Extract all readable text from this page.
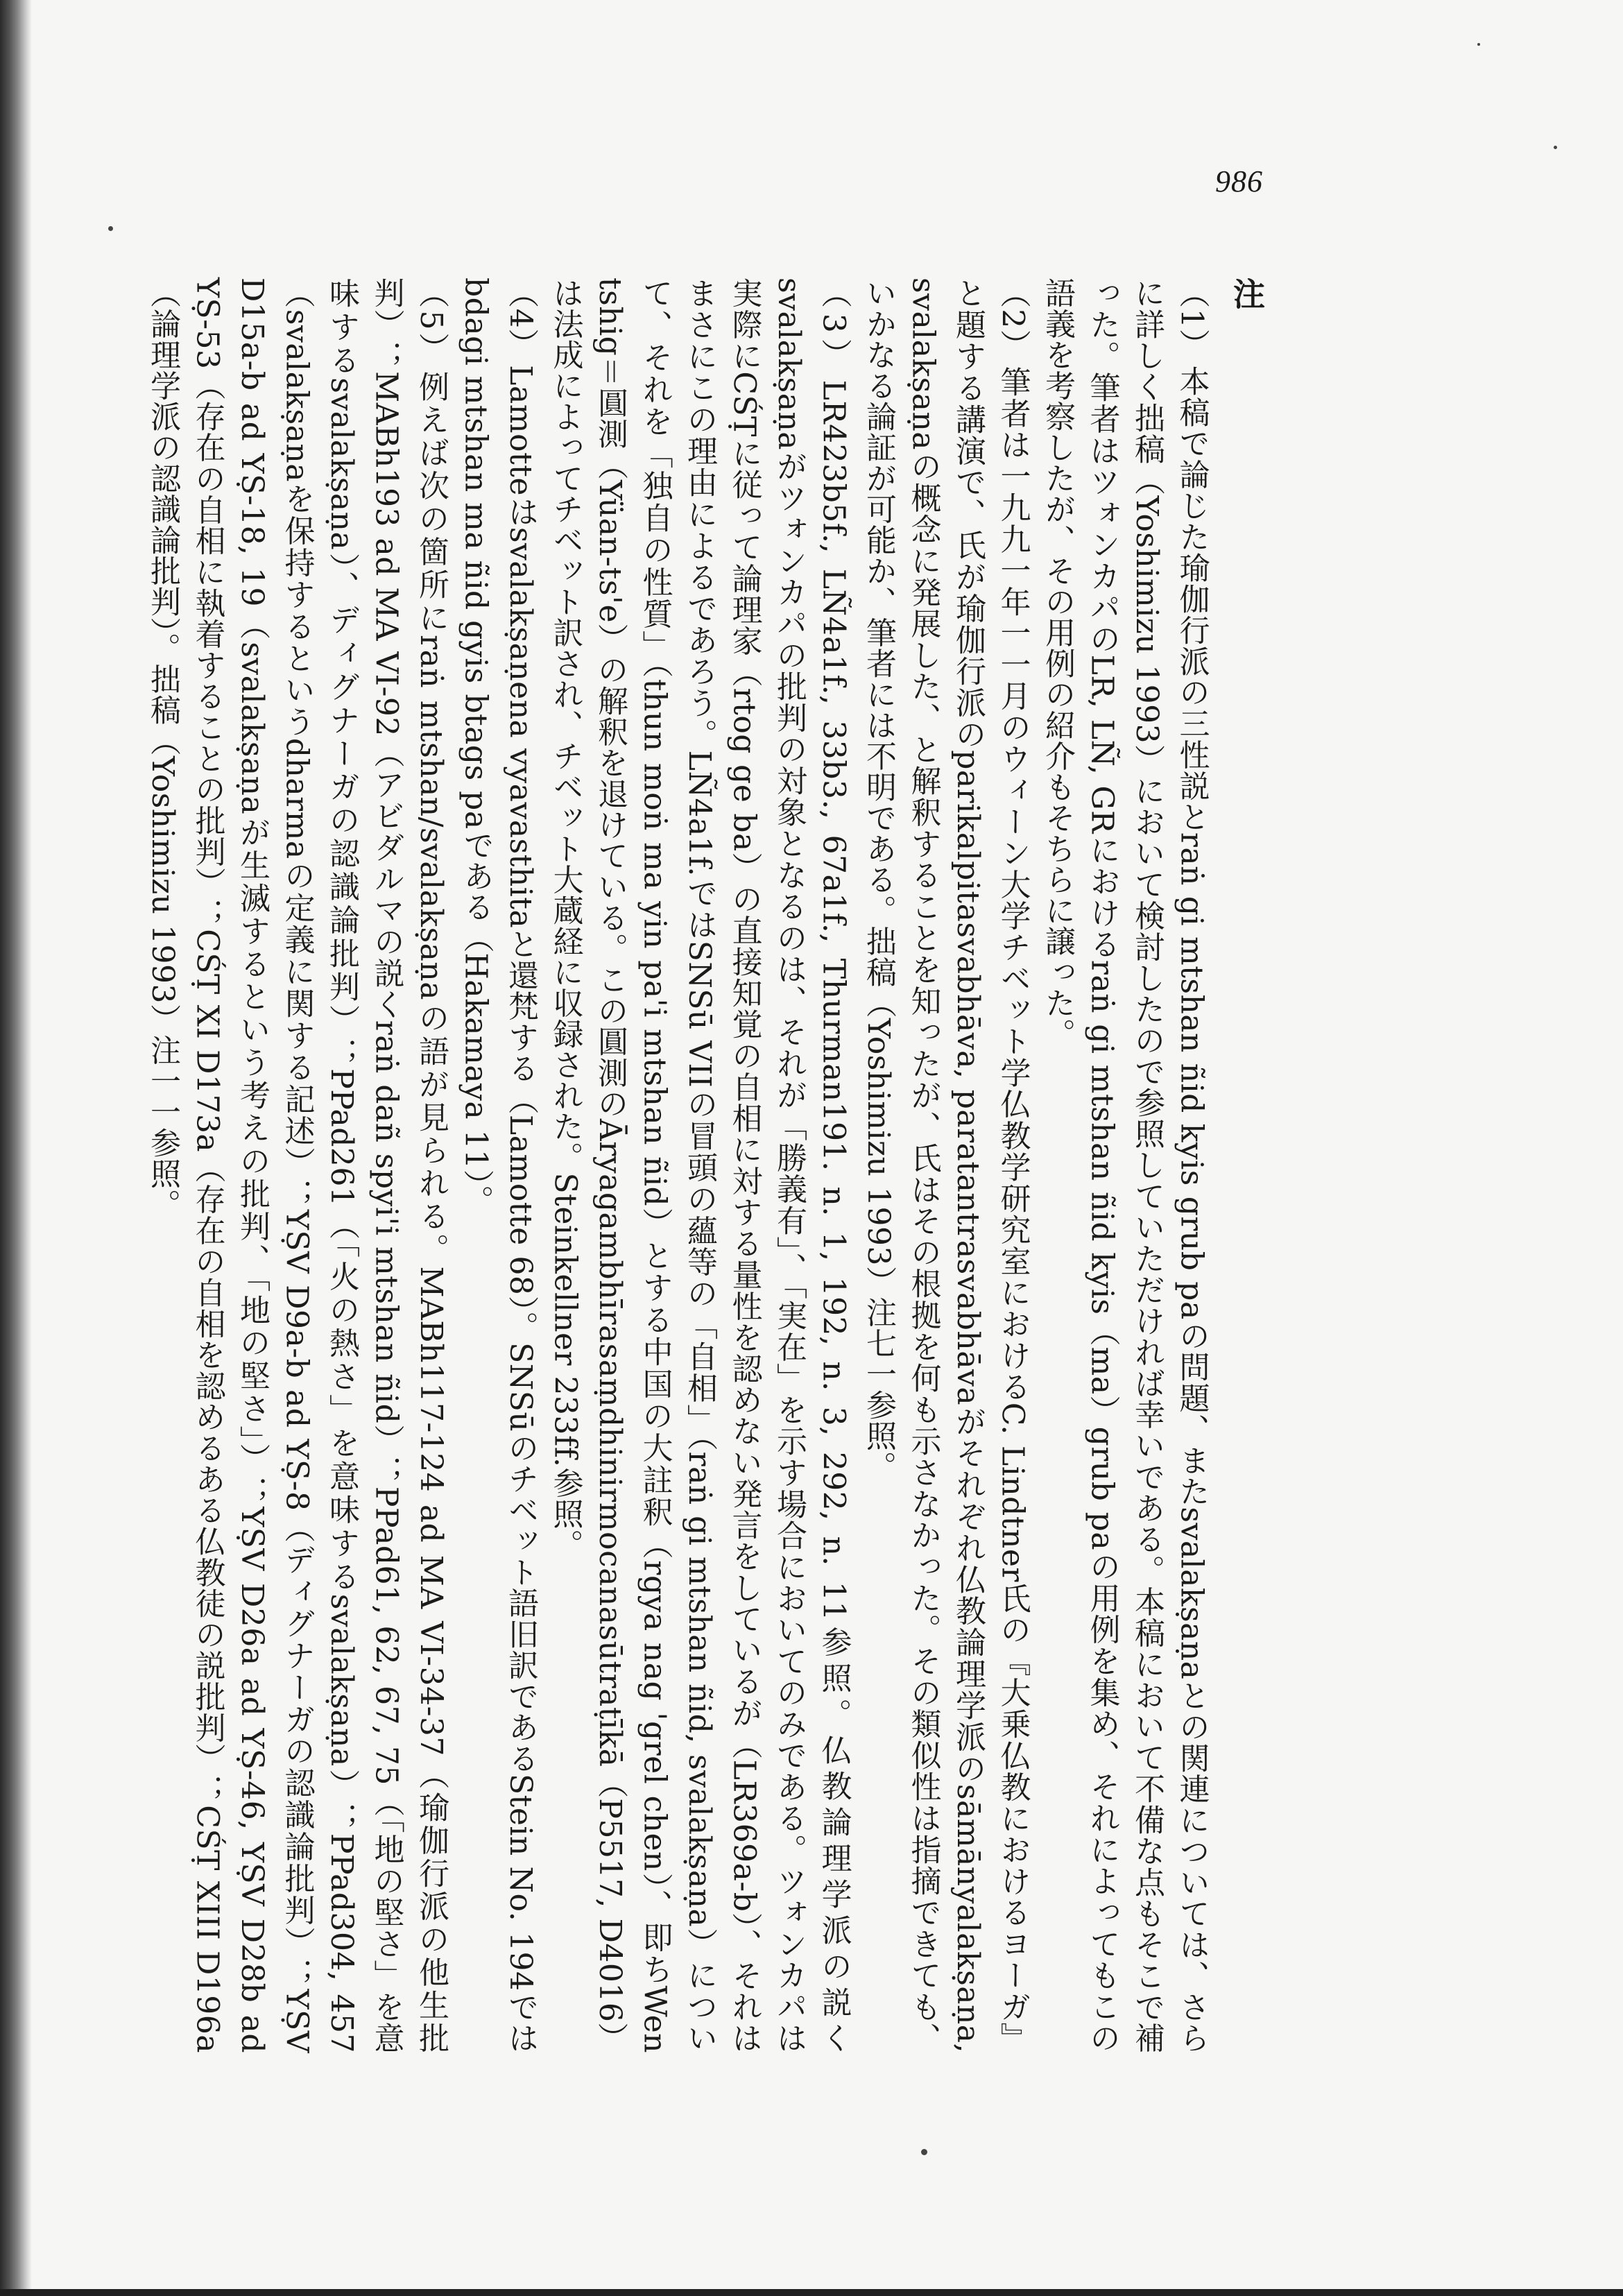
986
注

（1）本稿で論じた瑜伽行派の三性説とraṅ gi mtshan ñid kyis grub paの問題、またsvalakṣaṇaとの関連については、さらに詳しく拙稿（Yoshimizu 1993）において検討したので参照していただければ幸いである。本稿において不備な点もそこで補った。筆者はツォンカパのLR, LÑ, GRにおけるraṅ gi mtshan ñid kyis（ma）grub paの用例を集め、それによってもこの語義を考察したが、その用例の紹介もそちらに譲った。

（2）筆者は一九九一年一一月のウィーン大学チベット学仏教学研究室におけるC. Lindtner氏の『大乗仏教におけるヨーガ』と題する講演で、氏が瑜伽行派のparikalpitasvabhāva, paratantrasvabhāvaがそれぞれ仏教論理学派のsāmānyalakṣaṇa, svalakṣaṇaの概念に発展した、と解釈することを知ったが、氏はその根拠を何も示さなかった。その類似性は指摘できても、いかなる論証が可能か、筆者には不明である。拙稿（Yoshimizu 1993）注七一参照。

（3）LR423b5f., LÑ4a1f., 33b3., 67a1f., Thurman191. n. 1, 192, n. 3, 292, n. 11参照。仏教論理学派の説くsvalakṣaṇaがツォンカパの批判の対象となるのは、それが「勝義有」、「実在」を示す場合においてのみである。ツォンカパは実際にCŚṬに従って論理家（rtog ge ba）の直接知覚の自相に対する量性を認めない発言をしているが（LR369a-b）、それはまさにこの理由によるであろう。LÑ4a1f.ではSNSū VIIの冒頭の蘊等の「自相」（raṅ gi mtshan ñid, svalakṣaṇa）について、それを「独自の性質」（thun moṅ ma yin pa'i mtshan ñid）とする中国の大註釈（rgya nag 'grel chen）、即ちWen tshig＝圓測（Yüan-ts'e）の解釈を退けている。この圓測のĀryagambhīrasaṃdhinirmocanasūtraṭīkā（P5517, D4016）は法成によってチベット訳され、チベット大蔵経に収録された。Steinkellner 233ff.参照。

（4）Lamotteはsvalakṣaṇena vyavasthitaと還梵する（Lamotte 68）。SNSūのチベット語旧訳であるStein No. 194ではbdagi mtshan ma ñid gyis btags paである（Hakamaya 11）。

（5）例えば次の箇所にraṅ mtshan/svalakṣaṇaの語が見られる。MABh117-124 ad MA VI-34-37（瑜伽行派の他生批判）；MABh193 ad MA VI-92（アビダルマの説くraṅ dañ spyi'i mtshan ñid）；PPad61, 62, 67, 75（「地の堅さ」を意味するsvalakṣaṇa）、ディグナーガの認識論批判）；PPad261（「火の熱さ」を意味するsvalakṣaṇa）；PPad304, 457（svalakṣaṇaを保持するというdharmaの定義に関する記述）；YṢV D9a-b ad YṢ-8（ディグナーガの認識論批判）；YṢV D15a-b ad YṢ-18, 19（svalakṣaṇaが生滅するという考えの批判、「地の堅さ」）；YṢV D26a ad YṢ-46, YṢV D28b ad YṢ-53（存在の自相に執着することの批判）；CŚṬ XI D173a（存在の自相を認めるある仏教徒の説批判）；CŚṬ XIII D196a（論理学派の認識論批判）。拙稿（Yoshimizu 1993）注一一参照。
